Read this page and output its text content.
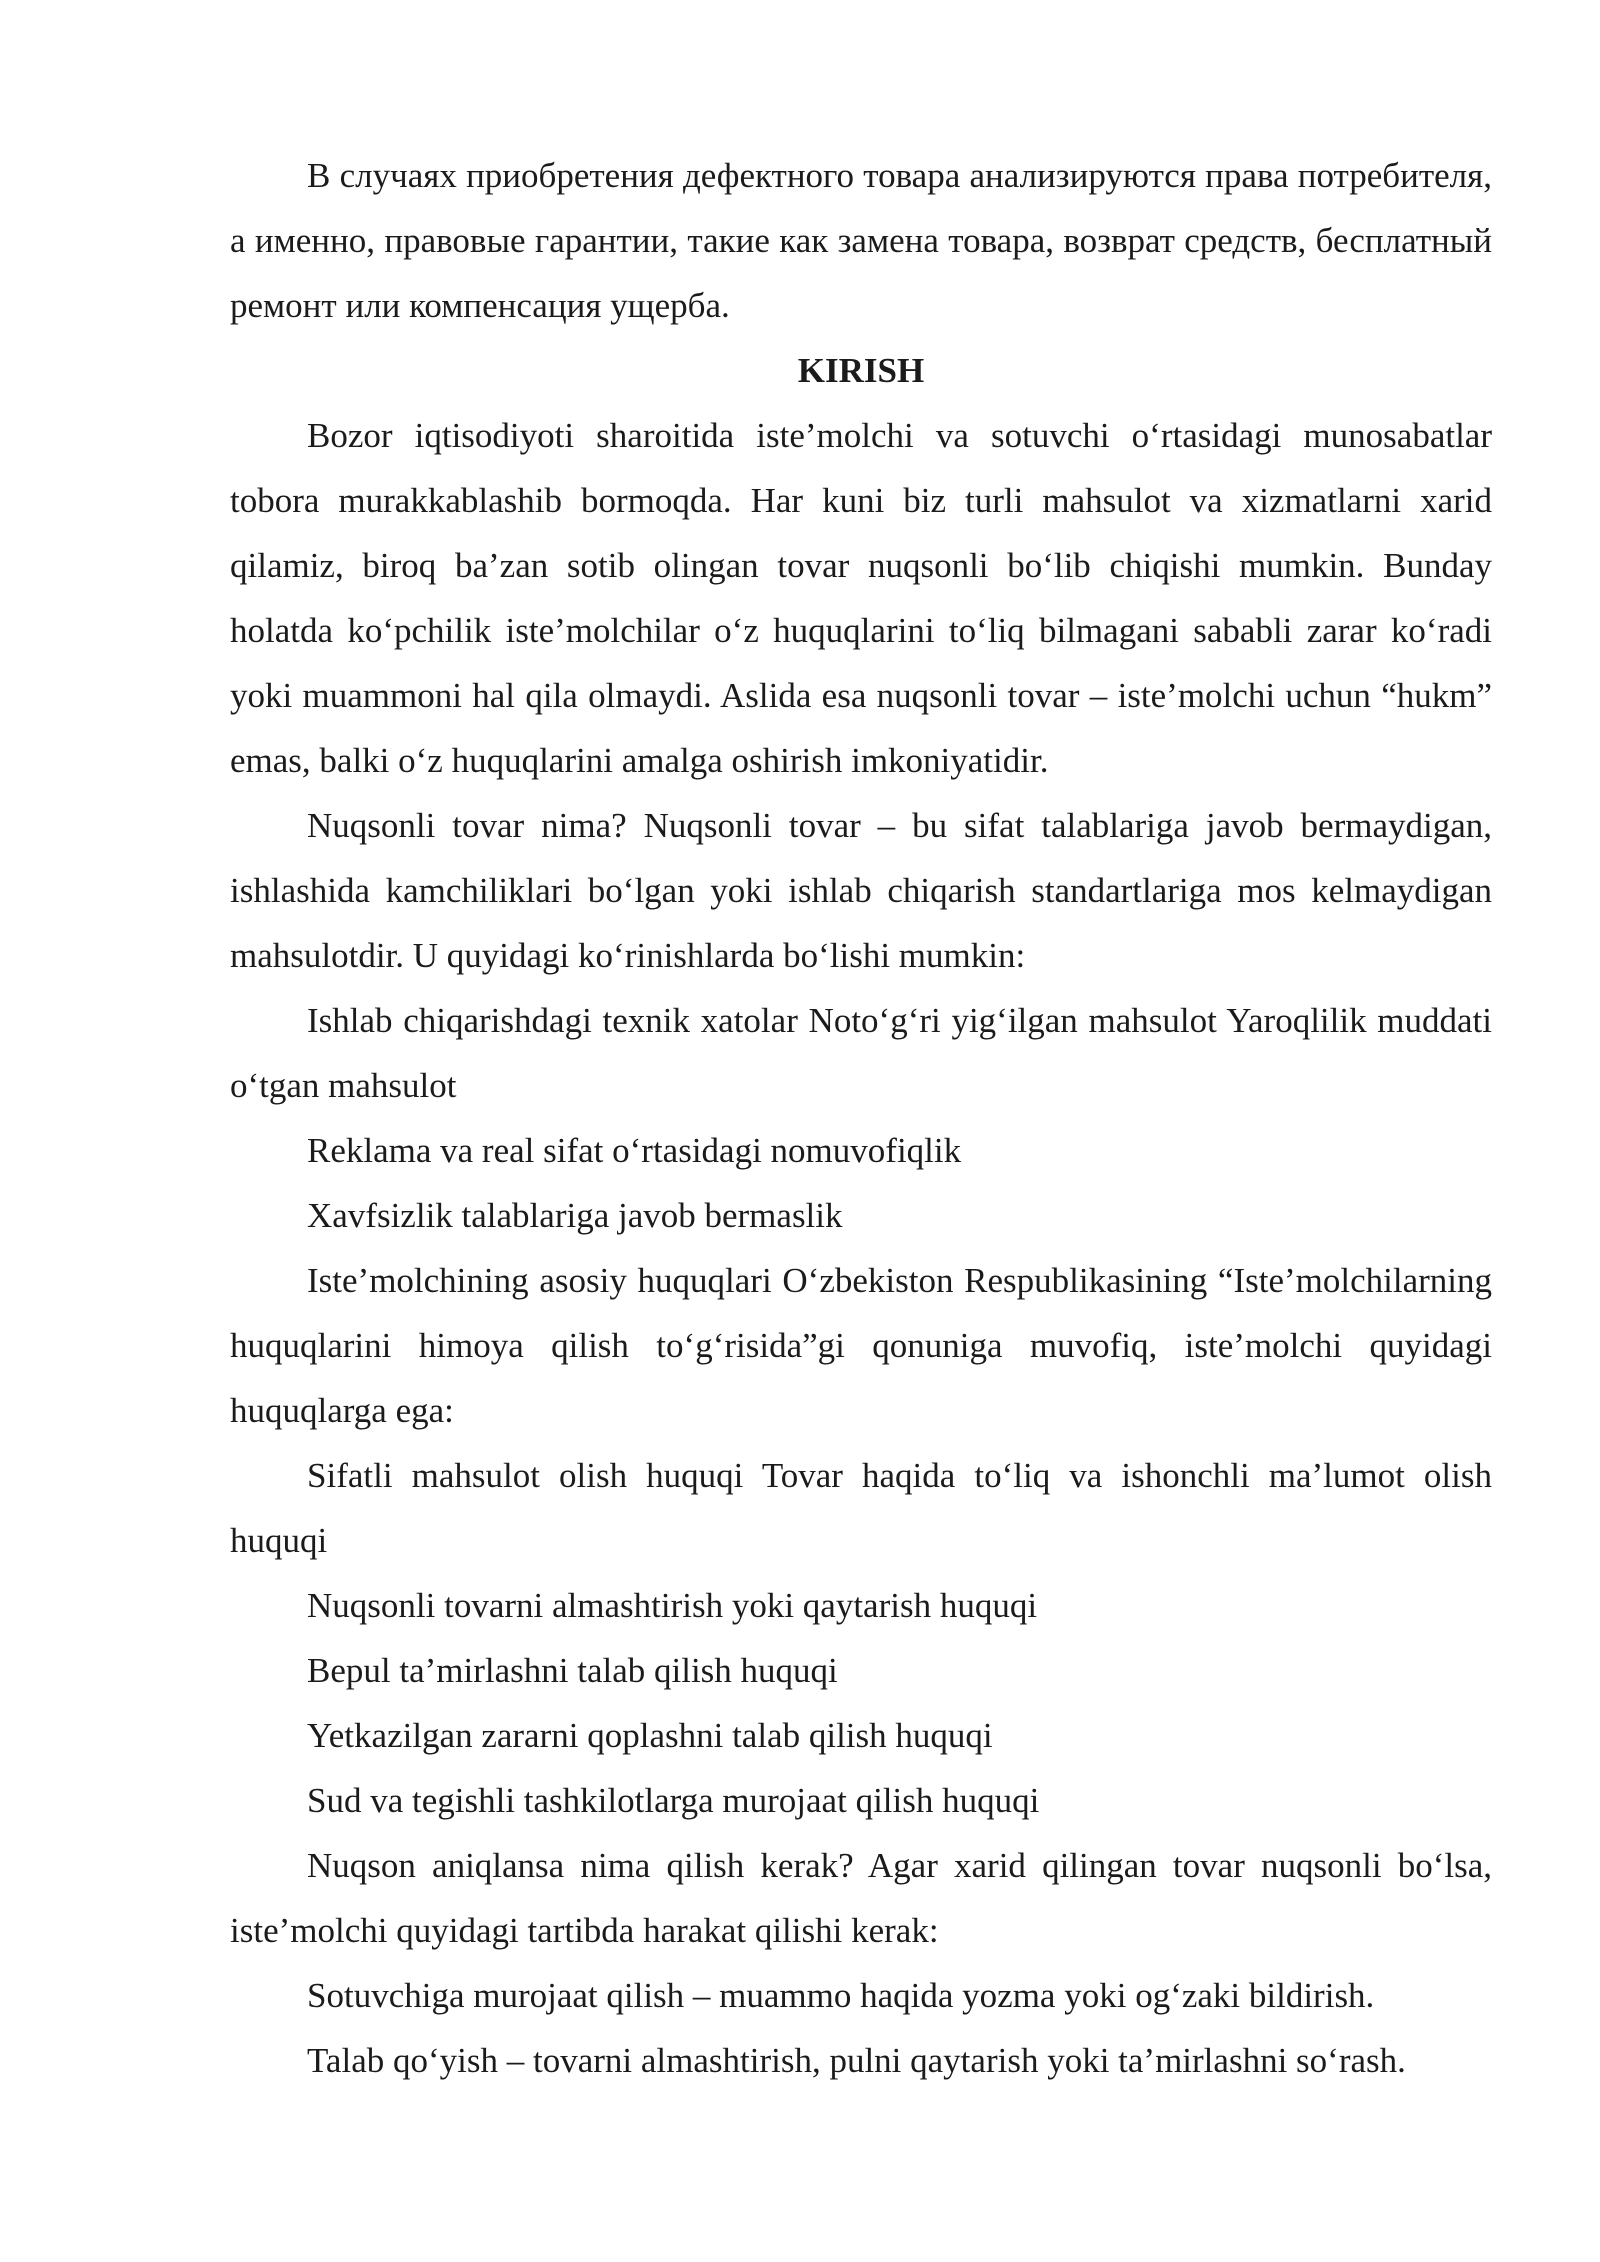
В случаях приобретения дефектного товара анализируются права потребителя, а именно, правовые гарантии, такие как замена товара, возврат средств, бесплатный ремонт или компенсация ущерба.

KIRISH

Bozor iqtisodiyoti sharoitida iste’molchi va sotuvchi o‘rtasidagi munosabatlar tobora murakkablashib bormoqda. Har kuni biz turli mahsulot va xizmatlarni xarid qilamiz, biroq ba’zan sotib olingan tovar nuqsonli bo‘lib chiqishi mumkin. Bunday holatda ko‘pchilik iste’molchilar o‘z huquqlarini to‘liq bilmagani sababli zarar ko‘radi yoki muammoni hal qila olmaydi. Aslida esa nuqsonli tovar – iste’molchi uchun “hukm” emas, balki o‘z huquqlarini amalga oshirish imkoniyatidir.

Nuqsonli tovar nima? Nuqsonli tovar – bu sifat talablariga javob bermaydigan, ishlashida kamchiliklari bo‘lgan yoki ishlab chiqarish standartlariga mos kelmaydigan mahsulotdir. U quyidagi ko‘rinishlarda bo‘lishi mumkin:

Ishlab chiqarishdagi texnik xatolar Noto‘g‘ri yig‘ilgan mahsulot Yaroqlilik muddati o‘tgan mahsulot

Reklama va real sifat o‘rtasidagi nomuvofiqlik

Xavfsizlik talablariga javob bermaslik

Iste’molchining asosiy huquqlari O‘zbekiston Respublikasining “Iste’molchilarning huquqlarini himoya qilish to‘g‘risida”gi qonuniga muvofiq, iste’molchi quyidagi huquqlarga ega:

Sifatli mahsulot olish huquqi Tovar haqida to‘liq va ishonchli ma’lumot olish huquqi

Nuqsonli tovarni almashtirish yoki qaytarish huquqi

Bepul ta’mirlashni talab qilish huquqi

Yetkazilgan zararni qoplashni talab qilish huquqi

Sud va tegishli tashkilotlarga murojaat qilish huquqi

Nuqson aniqlansa nima qilish kerak? Agar xarid qilingan tovar nuqsonli bo‘lsa, iste’molchi quyidagi tartibda harakat qilishi kerak:

Sotuvchiga murojaat qilish – muammo haqida yozma yoki og‘zaki bildirish.

Talab qo‘yish – tovarni almashtirish, pulni qaytarish yoki ta’mirlashni so‘rash.
